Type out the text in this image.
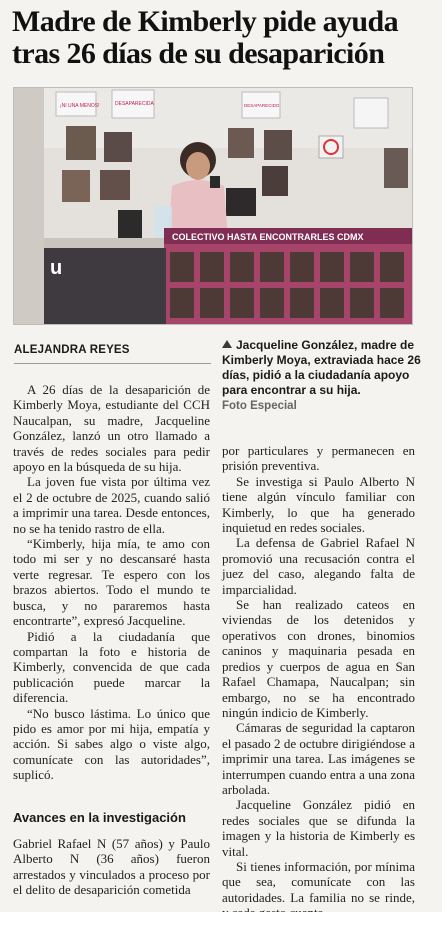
Madre de Kimberly pide ayuda tras 26 días de su desaparición
¡NI UNA MENOS!	DESAPARECIDA	DESAPARECIDO
COLECTIVO HASTA ENCONTRARLES CDMX
u
ALEJANDRA REYES	Jacqueline González, madre de Kimberly Moya, extraviada hace 26 días, pidió a la ciudadanía apoyo para encontrar a su hija.
Foto Especial

A 26 días de la desaparición de Kimberly Moya, estudiante del CCH Naucalpan, su madre, Jacqueline González, lanzó un otro llamado a través de redes sociales para pedir apoyo en la búsqueda de su hija.

La joven fue vista por última vez el 2 de octubre de 2025, cuando salió a imprimir una tarea. Desde entonces, no se ha tenido rastro de ella.

“Kimberly, hija mía, te amo con todo mi ser y no descansaré hasta verte regresar. Te espero con los brazos abiertos. Todo el mundo te busca, y no pararemos hasta encontrarte”, expresó Jacqueline.

Pidió a la ciudadanía que compartan la foto e historia de Kimberly, convencida de que cada publicación puede marcar la diferencia.

“No busco lástima. Lo único que pido es amor por mi hija, empatía y acción. Si sabes algo o viste algo, comunícate con las autoridades”, suplicó.

Avances en la investigación

Gabriel Rafael N (57 años) y Paulo Alberto N (36 años) fueron arrestados y vinculados a proceso por el delito de desaparición cometida

por particulares y permanecen en prisión preventiva.

Se investiga si Paulo Alberto N tiene algún vínculo familiar con Kimberly, lo que ha generado inquietud en redes sociales.

La defensa de Gabriel Rafael N promovió una recusación contra el juez del caso, alegando falta de imparcialidad.

Se han realizado cateos en viviendas de los detenidos y operativos con drones, binomios caninos y maquinaria pesada en predios y cuerpos de agua en San Rafael Chamapa, Naucalpan; sin embargo, no se ha encontrado ningún indicio de Kimberly.

Cámaras de seguridad la captaron el pasado 2 de octubre dirigiéndose a imprimir una tarea. Las imágenes se interrumpen cuando entra a una zona arbolada.

Jacqueline González pidió en redes sociales que se difunda la imagen y la historia de Kimberly es vital.

Si tienes información, por mínima que sea, comunícate con las autoridades. La familia no se rinde,
